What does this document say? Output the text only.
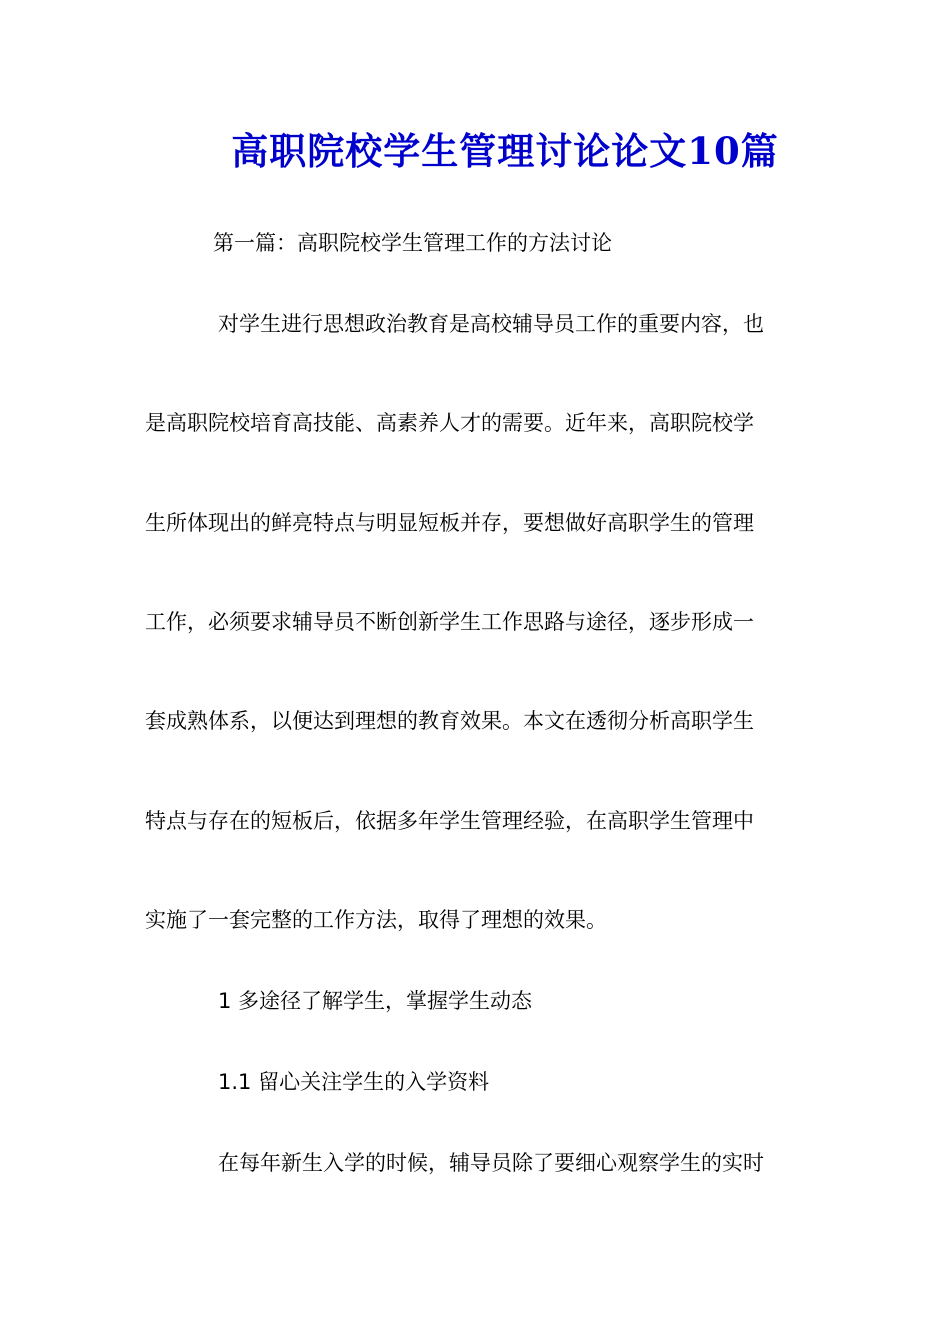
高职院校学生管理讨论论文10篇
第一篇：高职院校学生管理工作的方法讨论
对学生进行思想政治教育是高校辅导员工作的重要内容，也
是高职院校培育高技能、高素养人才的需要。近年来，高职院校学
生所体现出的鲜亮特点与明显短板并存，要想做好高职学生的管理
工作，必须要求辅导员不断创新学生工作思路与途径，逐步形成一
套成熟体系，以便达到理想的教育效果。本文在透彻分析高职学生
特点与存在的短板后，依据多年学生管理经验，在高职学生管理中
实施了一套完整的工作方法，取得了理想的效果。
1 多途径了解学生，掌握学生动态
1.1 留心关注学生的入学资料
在每年新生入学的时候，辅导员除了要细心观察学生的实时
